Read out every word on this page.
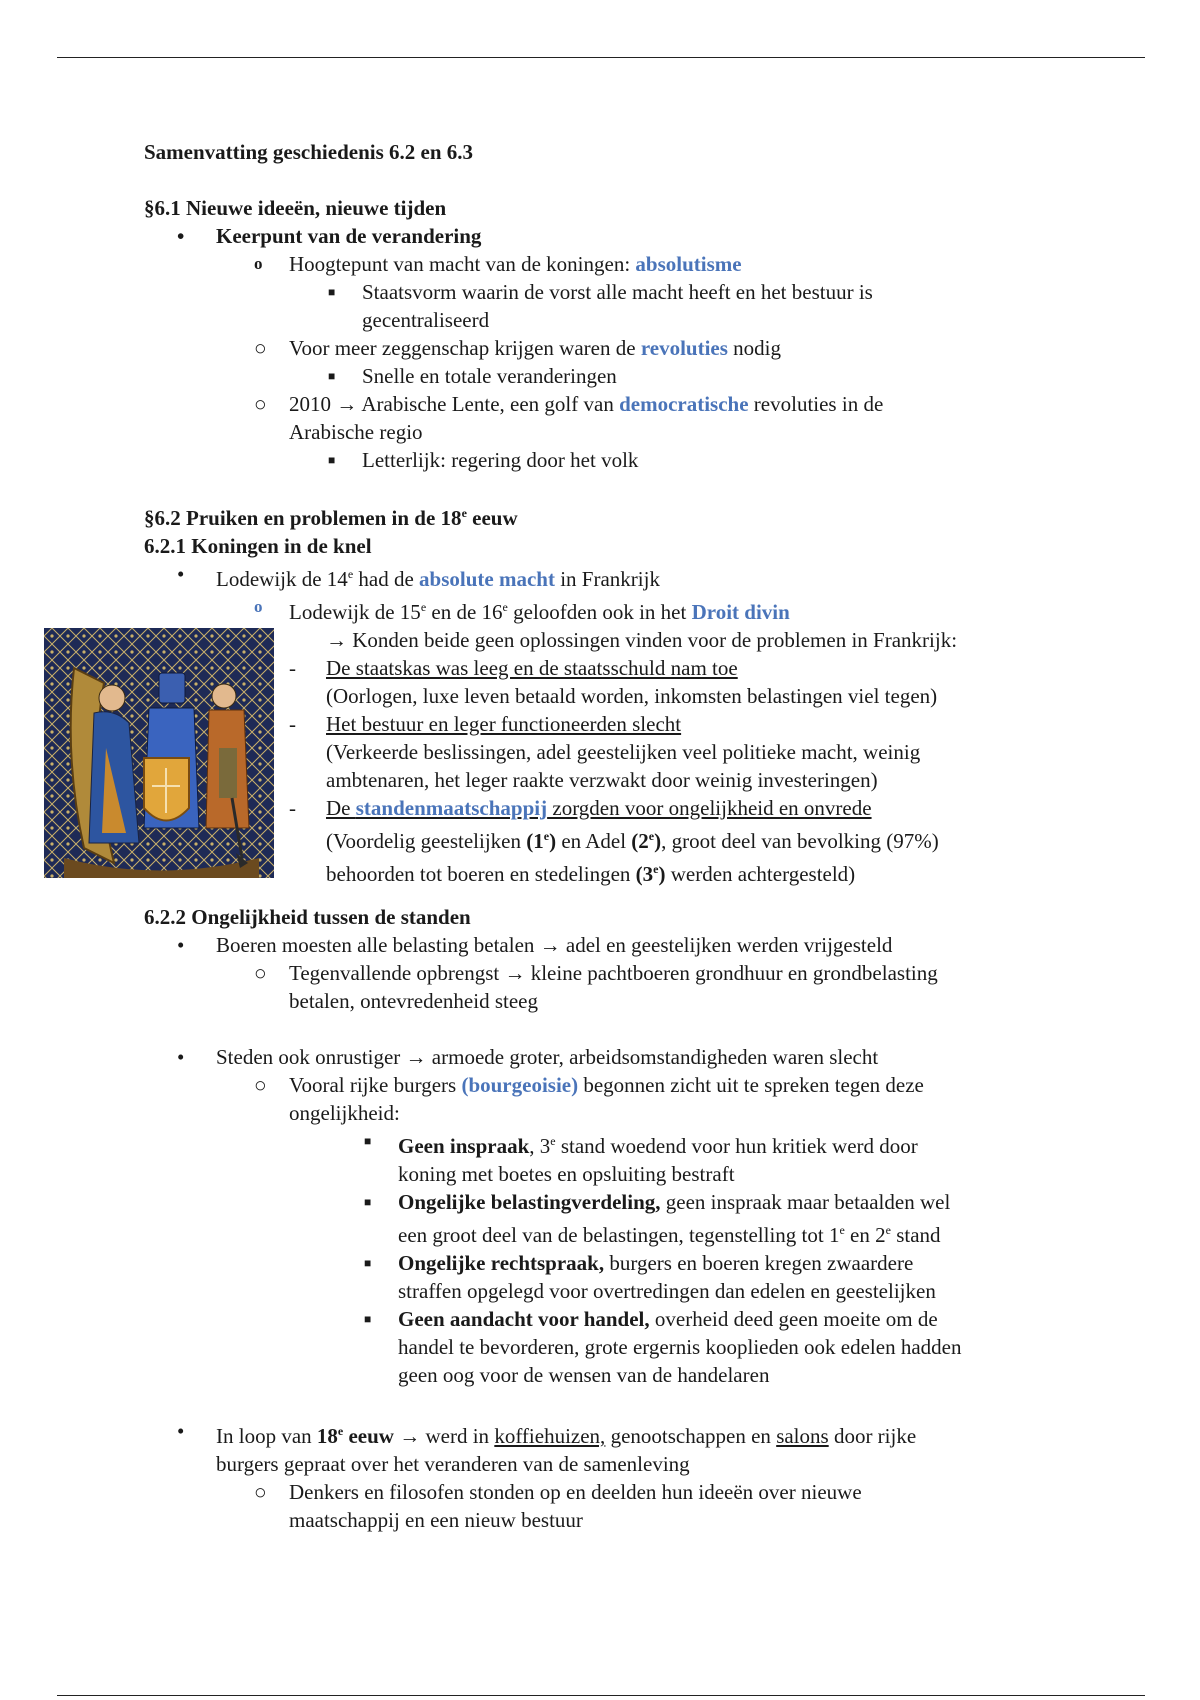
Samenvatting geschiedenis 6.2 en 6.3
§6.1 Nieuwe ideeën, nieuwe tijden
•
Keerpunt van de verandering
o Hoogtepunt van macht van de koningen: absolutisme
■ Staatsvorm waarin de vorst alle macht heeft en het bestuur is
gecentraliseerd
○ Voor meer zeggenschap krijgen waren de revoluties nodig
■ Snelle en totale veranderingen
○ 2010 → Arabische Lente, een golf van democratische revoluties in de
Arabische regio
■ Letterlijk: regering door het volk
§6.2 Pruiken en problemen in de 18e eeuw
6.2.1 Koningen in de knel
•
Lodewijk de 14e had de absolute macht in Frankrijk
o Lodewijk de 15e en de 16e geloofden ook in het Droit divin
→ Konden beide geen oplossingen vinden voor de problemen in Frankrijk:
- De staatskas was leeg en de staatsschuld nam toe
(Oorlogen, luxe leven betaald worden, inkomsten belastingen viel tegen)
- Het bestuur en leger functioneerden slecht
(Verkeerde beslissingen, adel geestelijken veel politieke macht, weinig
ambtenaren, het leger raakte verzwakt door weinig investeringen)
- De standenmaatschappij zorgden voor ongelijkheid en onvrede
(Voordelig geestelijken (1e) en Adel (2e), groot deel van bevolking (97%)
behoorden tot boeren en stedelingen (3e) werden achtergesteld)
6.2.2 Ongelijkheid tussen de standen
•
Boeren moesten alle belasting betalen → adel en geestelijken werden vrijgesteld
○ Tegenvallende opbrengst → kleine pachtboeren grondhuur en grondbelasting
betalen, ontevredenheid steeg
•
Steden ook onrustiger → armoede groter, arbeidsomstandigheden waren slecht
○ Vooral rijke burgers (bourgeoisie) begonnen zicht uit te spreken tegen deze
ongelijkheid:
■ Geen inspraak, 3e stand woedend voor hun kritiek werd door
koning met boetes en opsluiting bestraft
■ Ongelijke belastingverdeling, geen inspraak maar betaalden wel
een groot deel van de belastingen, tegenstelling tot 1e en 2e stand
■ Ongelijke rechtspraak, burgers en boeren kregen zwaardere
straffen opgelegd voor overtredingen dan edelen en geestelijken
■ Geen aandacht voor handel, overheid deed geen moeite om de
handel te bevorderen, grote ergernis kooplieden ook edelen hadden
geen oog voor de wensen van de handelaren
•
In loop van 18e eeuw → werd in koffiehuizen, genootschappen en salons door rijke
burgers gepraat over het veranderen van de samenleving
○ Denkers en filosofen stonden op en deelden hun ideeën over nieuwe
maatschappij en een nieuw bestuur
